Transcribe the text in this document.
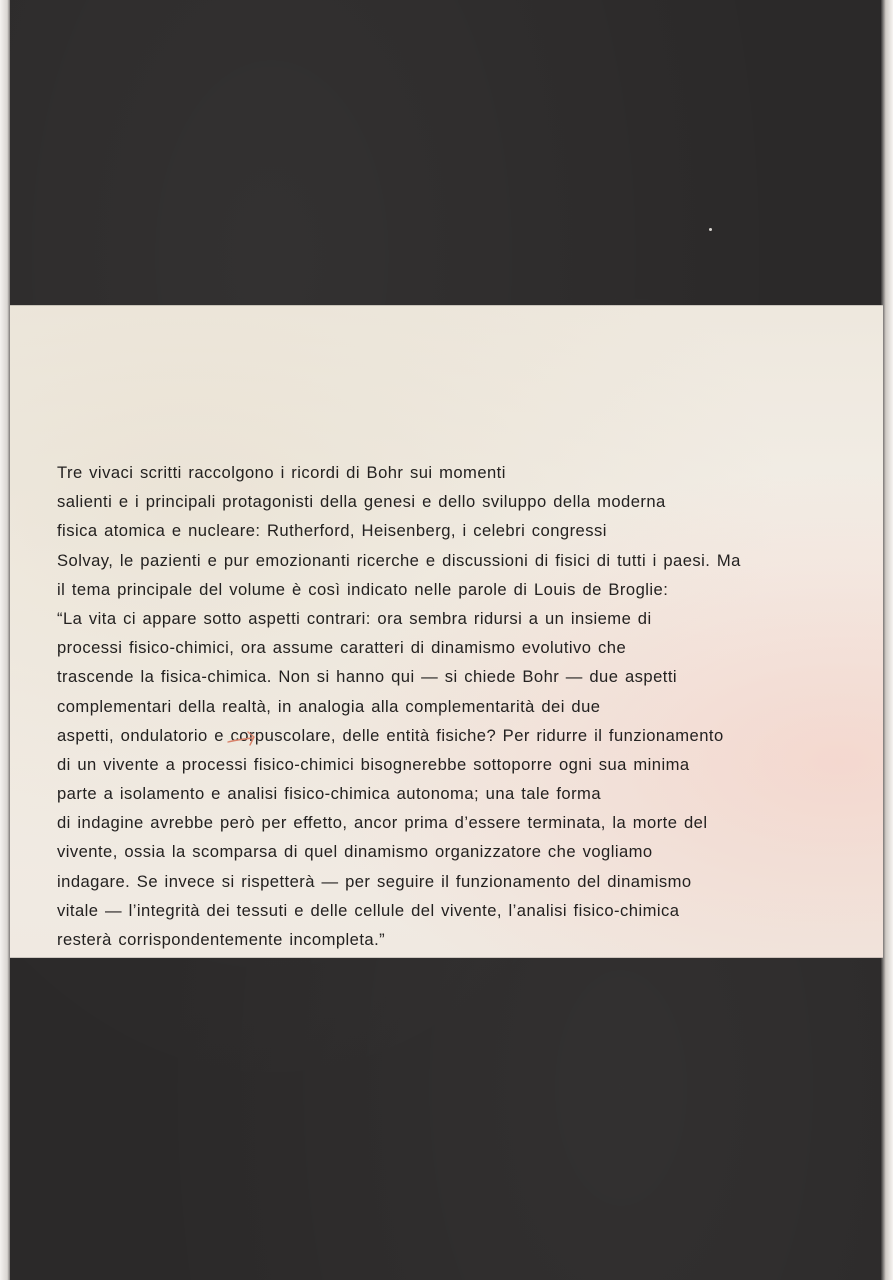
Tre vivaci scritti raccolgono i ricordi di Bohr sui momenti
salienti e i principali protagonisti della genesi e dello sviluppo della moderna
fisica atomica e nucleare: Rutherford, Heisenberg, i celebri congressi
Solvay, le pazienti e pur emozionanti ricerche e discussioni di fisici di tutti i paesi. Ma
il tema principale del volume è così indicato nelle parole di Louis de Broglie:
“La vita ci appare sotto aspetti contrari: ora sembra ridursi a un insieme di
processi fisico-chimici, ora assume caratteri di dinamismo evolutivo che
trascende la fisica-chimica. Non si hanno qui — si chiede Bohr — due aspetti
complementari della realtà, in analogia alla complementarità dei due
aspetti, ondulatorio e corpuscolare, delle entità fisiche? Per ridurre il funzionamento
di un vivente a processi fisico-chimici bisognerebbe sottoporre ogni sua minima
parte a isolamento e analisi fisico-chimica autonoma; una tale forma
di indagine avrebbe però per effetto, ancor prima d’essere terminata, la morte del
vivente, ossia la scomparsa di quel dinamismo organizzatore che vogliamo
indagare. Se invece si rispetterà — per seguire il funzionamento del dinamismo
vitale — l’integrità dei tessuti e delle cellule del vivente, l’analisi fisico-chimica
resterà corrispondentemente incompleta.”
